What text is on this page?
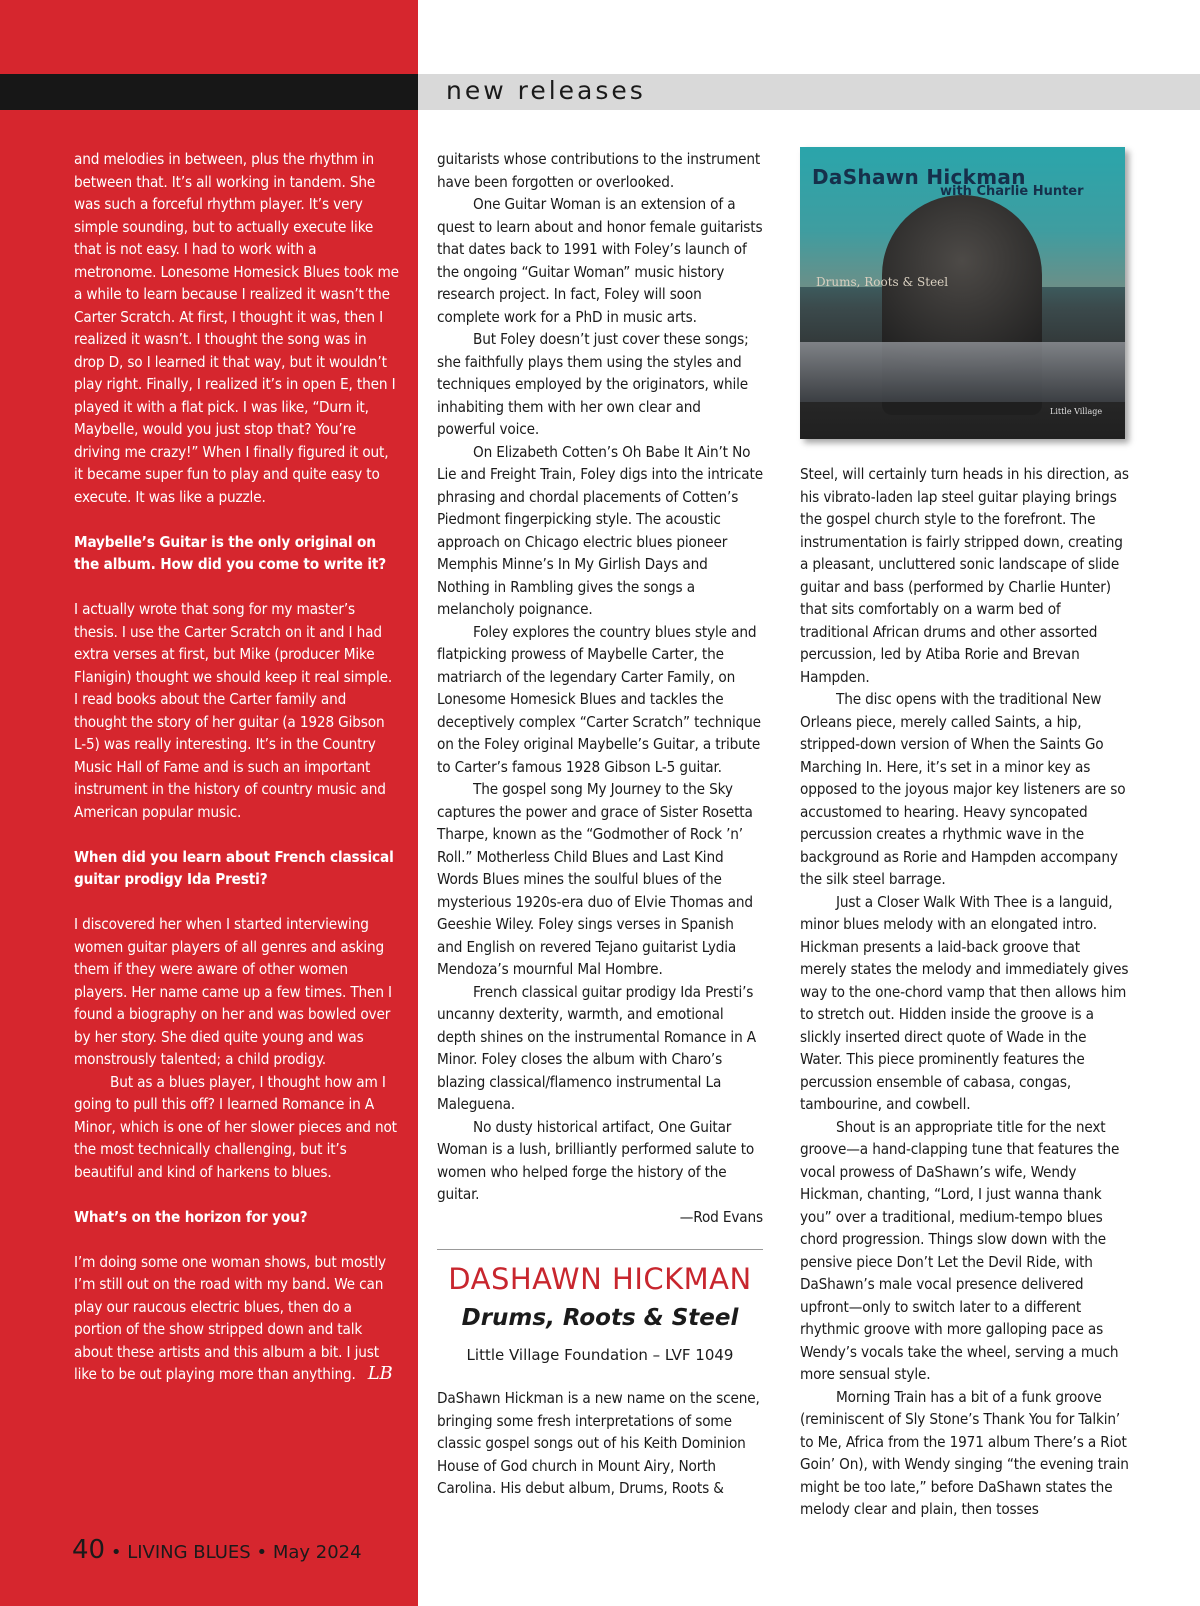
new releases

and melodies in between, plus the rhythm in between that. It’s all working in tandem. She was such a forceful rhythm player. It’s very simple sounding, but to actually execute like that is not easy. I had to work with a metronome. Lonesome Homesick Blues took me a while to learn because I realized it wasn’t the Carter Scratch. At first, I thought it was, then I realized it wasn’t. I thought the song was in drop D, so I learned it that way, but it wouldn’t play right. Finally, I realized it’s in open E, then I played it with a flat pick. I was like, “Durn it, Maybelle, would you just stop that? You’re driving me crazy!” When I finally figured it out, it became super fun to play and quite easy to execute. It was like a puzzle.

Maybelle’s Guitar is the only original on the album. How did you come to write it?

I actually wrote that song for my master’s thesis. I use the Carter Scratch on it and I had extra verses at first, but Mike (producer Mike Flanigin) thought we should keep it real simple. I read books about the Carter family and thought the story of her guitar (a 1928 Gibson L-5) was really interesting. It’s in the Country Music Hall of Fame and is such an important instrument in the history of country music and American popular music.

When did you learn about French classical guitar prodigy Ida Presti?

I discovered her when I started interviewing women guitar players of all genres and asking them if they were aware of other women players. Her name came up a few times. Then I found a biography on her and was bowled over by her story. She died quite young and was monstrously talented; a child prodigy.

But as a blues player, I thought how am I going to pull this off? I learned Romance in A Minor, which is one of her slower pieces and not the most technically challenging, but it’s beautiful and kind of harkens to blues.

What’s on the horizon for you?

I’m doing some one woman shows, but mostly I’m still out on the road with my band. We can play our raucous electric blues, then do a portion of the show stripped down and talk about these artists and this album a bit. I just like to be out playing more than anything. LB

guitarists whose contributions to the instrument have been forgotten or overlooked.

One Guitar Woman is an extension of a quest to learn about and honor female guitarists that dates back to 1991 with Foley’s launch of the ongoing “Guitar Woman” music history research project. In fact, Foley will soon complete work for a PhD in music arts.

But Foley doesn’t just cover these songs; she faithfully plays them using the styles and techniques employed by the originators, while inhabiting them with her own clear and powerful voice.

On Elizabeth Cotten’s Oh Babe It Ain’t No Lie and Freight Train, Foley digs into the intricate phrasing and chordal placements of Cotten’s Piedmont fingerpicking style. The acoustic approach on Chicago electric blues pioneer Memphis Minne’s In My Girlish Days and Nothing in Rambling gives the songs a melancholy poignance.

Foley explores the country blues style and flatpicking prowess of Maybelle Carter, the matriarch of the legendary Carter Family, on Lonesome Homesick Blues and tackles the deceptively complex “Carter Scratch” technique on the Foley original Maybelle’s Guitar, a tribute to Carter’s famous 1928 Gibson L-5 guitar.

The gospel song My Journey to the Sky captures the power and grace of Sister Rosetta Tharpe, known as the “Godmother of Rock ’n’ Roll.” Motherless Child Blues and Last Kind Words Blues mines the soulful blues of the mysterious 1920s-era duo of Elvie Thomas and Geeshie Wiley. Foley sings verses in Spanish and English on revered Tejano guitarist Lydia Mendoza’s mournful Mal Hombre.

French classical guitar prodigy Ida Presti’s uncanny dexterity, warmth, and emotional depth shines on the instrumental Romance in A Minor. Foley closes the album with Charo’s blazing classical/flamenco instrumental La Maleguena.

No dusty historical artifact, One Guitar Woman is a lush, brilliantly performed salute to women who helped forge the history of the guitar.

—Rod Evans

DASHAWN HICKMAN
Drums, Roots & Steel
Little Village Foundation – LVF 1049

DaShawn Hickman is a new name on the scene, bringing some fresh interpretations of some classic gospel songs out of his Keith Dominion House of God church in Mount Airy, North Carolina. His debut album, Drums, Roots &

DaShawn Hickman
with Charlie Hunter
Drums, Roots & Steel
Little Village

Steel, will certainly turn heads in his direction, as his vibrato-laden lap steel guitar playing brings the gospel church style to the forefront. The instrumentation is fairly stripped down, creating a pleasant, uncluttered sonic landscape of slide guitar and bass (performed by Charlie Hunter) that sits comfortably on a warm bed of traditional African drums and other assorted percussion, led by Atiba Rorie and Brevan Hampden.

The disc opens with the traditional New Orleans piece, merely called Saints, a hip, stripped-down version of When the Saints Go Marching In. Here, it’s set in a minor key as opposed to the joyous major key listeners are so accustomed to hearing. Heavy syncopated percussion creates a rhythmic wave in the background as Rorie and Hampden accompany the silk steel barrage.

Just a Closer Walk With Thee is a languid, minor blues melody with an elongated intro. Hickman presents a laid-back groove that merely states the melody and immediately gives way to the one-chord vamp that then allows him to stretch out. Hidden inside the groove is a slickly inserted direct quote of Wade in the Water. This piece prominently features the percussion ensemble of cabasa, congas, tambourine, and cowbell.

Shout is an appropriate title for the next groove—a hand-clapping tune that features the vocal prowess of DaShawn’s wife, Wendy Hickman, chanting, “Lord, I just wanna thank you” over a traditional, medium-tempo blues chord progression. Things slow down with the pensive piece Don’t Let the Devil Ride, with DaShawn’s male vocal presence delivered upfront—only to switch later to a different rhythmic groove with more galloping pace as Wendy’s vocals take the wheel, serving a much more sensual style.

Morning Train has a bit of a funk groove (reminiscent of Sly Stone’s Thank You for Talkin’ to Me, Africa from the 1971 album There’s a Riot Goin’ On), with Wendy singing “the evening train might be too late,” before DaShawn states the melody clear and plain, then tosses

40 • LIVING BLUES • May 2024
